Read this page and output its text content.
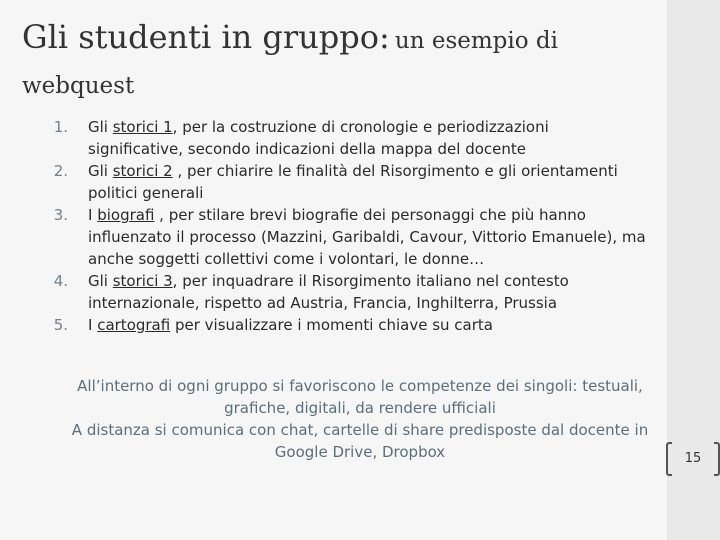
Gli studenti in gruppo: un esempio di
webquest
1. Gli storici 1, per la costruzione di cronologie e periodizzazioni significative, secondo indicazioni della mappa del docente
2. Gli storici 2 , per chiarire le finalità del Risorgimento e gli orientamenti politici generali
3. I biografi , per stilare brevi biografie dei personaggi che più hanno influenzato il processo (Mazzini, Garibaldi, Cavour, Vittorio Emanuele), ma anche soggetti collettivi come i volontari, le donne…
4. Gli storici 3, per inquadrare il Risorgimento italiano nel contesto internazionale, rispetto ad Austria, Francia, Inghilterra, Prussia
5. I cartografi per visualizzare i momenti chiave su carta

All’interno di ogni gruppo si favoriscono le competenze dei singoli: testuali, grafiche, digitali, da rendere ufficiali

A distanza si comunica con chat, cartelle di share predisposte dal docente in Google Drive, Dropbox	15
